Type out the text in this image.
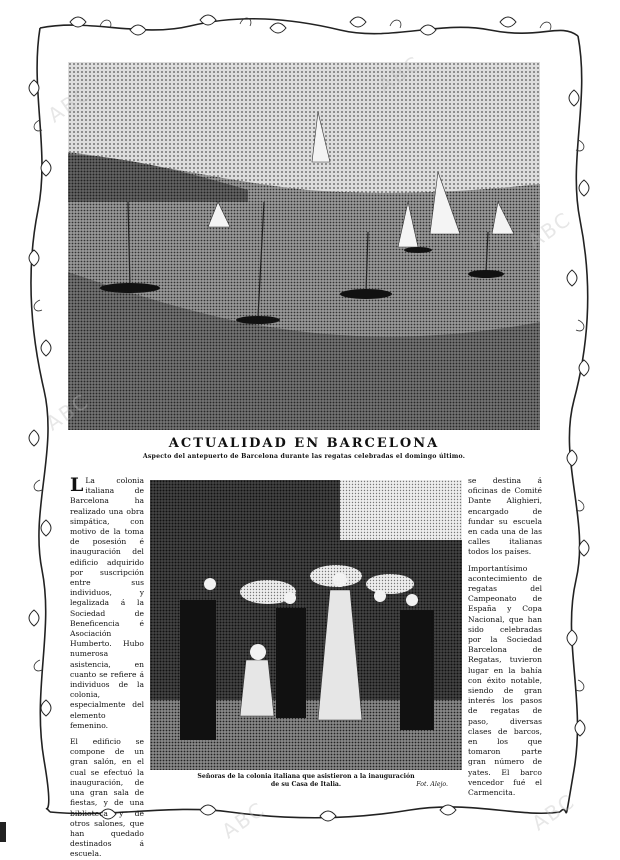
ACTUALIDAD EN BARCELONA
Aspecto del antepuerto de Barcelona durante las regatas celebradas el domingo último.

L La colonia italiana de Barcelona ha realizado una obra simpática, con motivo de la toma de posesión é inauguración del edificio adquirido por suscripción entre sus individuos, y legalizada á la Sociedad de Beneficencia é Asociación Humberto. Hubo numerosa asistencia, en cuanto se refiere á individuos de la colonia, especialmente del elemento femenino.

El edificio se compone de un gran salón, en el cual se efectuó la inauguración, de una gran sala de fiestas, y de una biblioteca y de otros salones, que han quedado destinados á escuela.

Señoras de la colonia italiana que asistieron a la inauguración
de su Casa de Italia.	Fot. Alejo.

se destina á oficinas de Comité Dante Alighieri, encargado de fundar su escuela en cada una de las calles italianas todos los países.

Importantísimo acontecimiento de regatas del Campeonato de España y Copa Nacional, que han sido celebradas por la Sociedad Barcelona de Regatas, tuvieron lugar en la bahía con éxito notable, siendo de gran interés los pasos de regatas de paso, diversas clases de barcos, en los que tomaron parte gran número de yates. El barco vencedor fué el Carmencita.

ABC
ABC
ABC
ABC
ABC
ABC
